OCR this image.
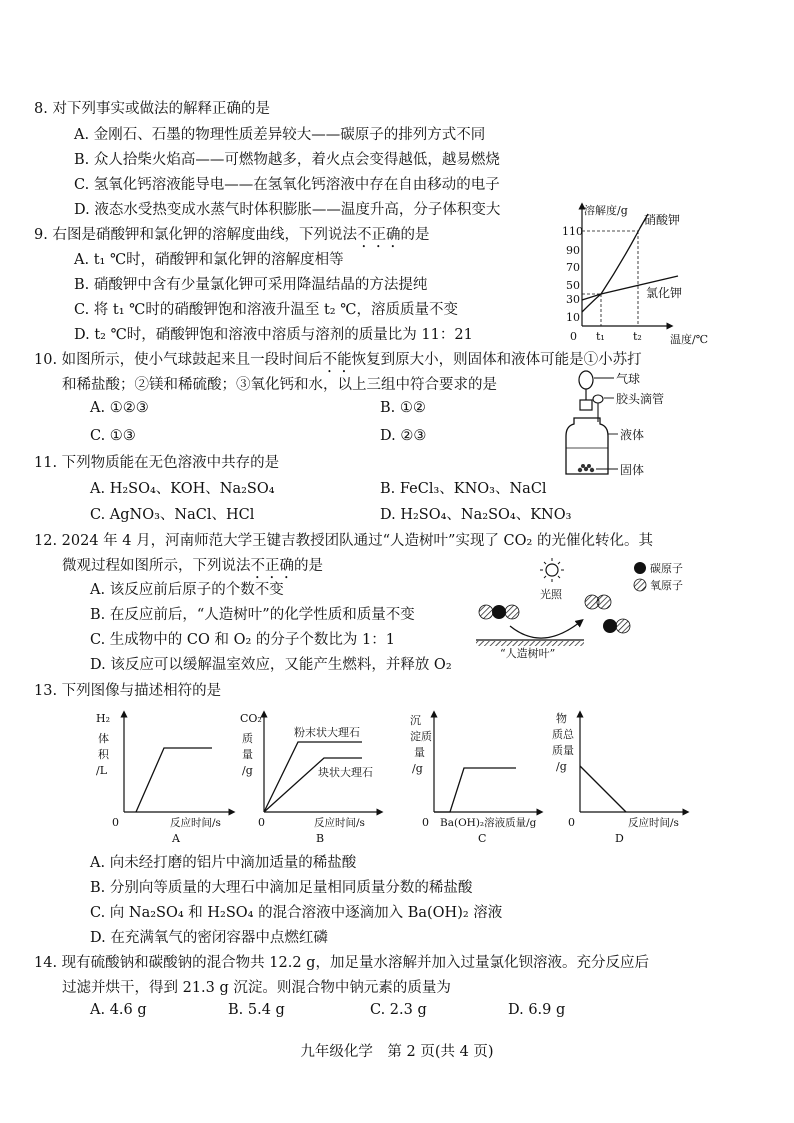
8. 对下列事实或做法的解释正确的是
A. 金刚石、石墨的物理性质差异较大——碳原子的排列方式不同
B. 众人拾柴火焰高——可燃物越多，着火点会变得越低，越易燃烧
C. 氢氧化钙溶液能导电——在氢氧化钙溶液中存在自由移动的电子
D. 液态水受热变成水蒸气时体积膨胀——温度升高，分子体积变大
9. 右图是硝酸钾和氯化钾的溶解度曲线，下列说法不正确的是
A. t₁ ℃时，硝酸钾和氯化钾的溶解度相等
B. 硝酸钾中含有少量氯化钾可采用降温结晶的方法提纯
C. 将 t₁ ℃时的硝酸钾饱和溶液升温至 t₂ ℃，溶质质量不变
D. t₂ ℃时，硝酸钾饱和溶液中溶质与溶剂的质量比为 11：21
溶解度/g
温度/℃
0
110
90
70
50
30
10
硝酸钾
氯化钾
t₁	t₂
10. 如图所示，使小气球鼓起来且一段时间后不能恢复到原大小，则固体和液体可能是①小苏打
和稀盐酸；②镁和稀硫酸；③氧化钙和水，以上三组中符合要求的是
A. ①②③	B. ①②
C. ①③	D. ②③
气球
胶头滴管
液体
固体
11. 下列物质能在无色溶液中共存的是
A. H₂SO₄、KOH、Na₂SO₄	B. FeCl₃、KNO₃、NaCl
C. AgNO₃、NaCl、HCl	D. H₂SO₄、Na₂SO₄、KNO₃
12. 2024 年 4 月，河南师范大学王键吉教授团队通过“人造树叶”实现了 CO₂ 的光催化转化。其
微观过程如图所示，下列说法不正确的是
A. 该反应前后原子的个数不变
B. 在反应前后，“人造树叶”的化学性质和质量不变
C. 生成物中的 CO 和 O₂ 的分子个数比为 1：1
D. 该反应可以缓解温室效应，又能产生燃料，并释放 O₂
光照
碳原子
氧原子
“人造树叶”
13. 下列图像与描述相符的是
H₂
体
积
/L
0	反应时间/s
A
CO₂
质
量
/g
0	反应时间/s
B
粉末状大理石
块状大理石
沉
淀质
量
/g
0 Ba(OH)₂溶液质量/g
C
物
质总
质量
/g
0	反应时间/s
D
A. 向未经打磨的铝片中滴加适量的稀盐酸
B. 分别向等质量的大理石中滴加足量相同质量分数的稀盐酸
C. 向 Na₂SO₄ 和 H₂SO₄ 的混合溶液中逐滴加入 Ba(OH)₂ 溶液
D. 在充满氧气的密闭容器中点燃红磷
14. 现有硫酸钠和碳酸钠的混合物共 12.2 g，加足量水溶解并加入过量氯化钡溶液。充分反应后
过滤并烘干，得到 21.3 g 沉淀。则混合物中钠元素的质量为
A. 4.6 g	B. 5.4 g	C. 2.3 g	D. 6.9 g
九年级化学　第 2 页(共 4 页)
